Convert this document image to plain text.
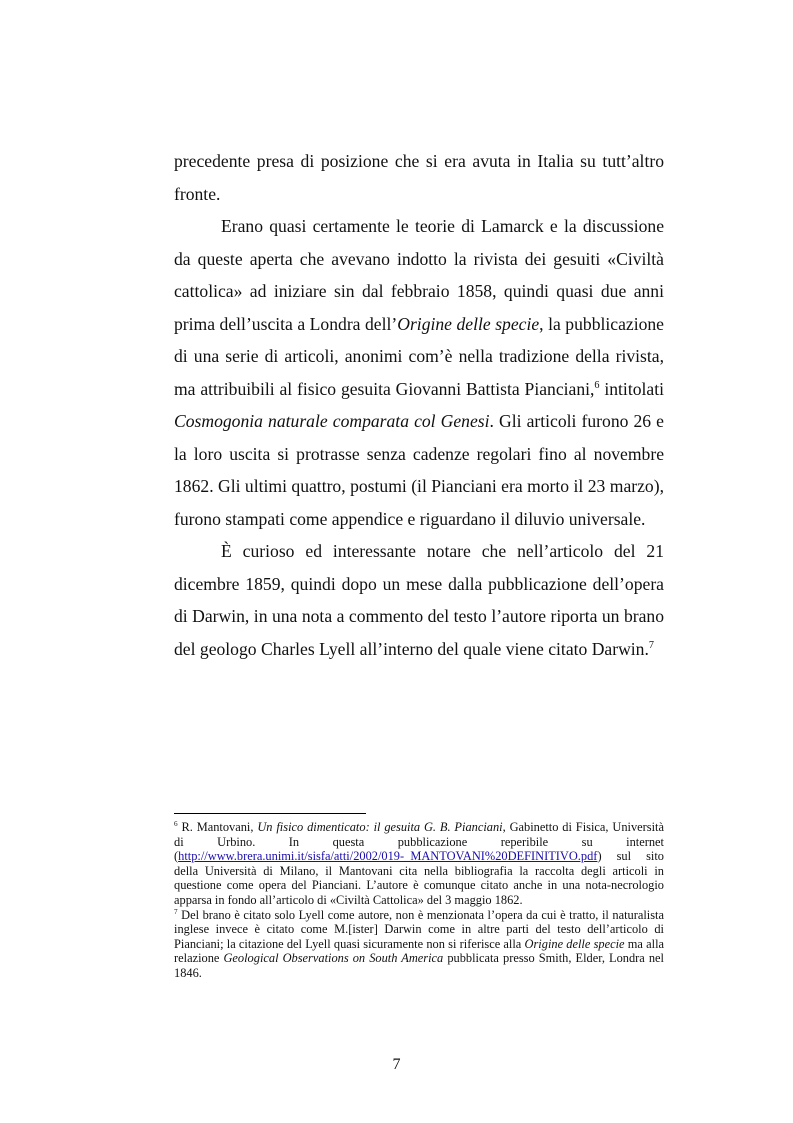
precedente presa di posizione che si era avuta in Italia su tutt’altro fronte.

Erano quasi certamente le teorie di Lamarck e la discussione da queste aperta che avevano indotto la rivista dei gesuiti «Civiltà cattolica» ad iniziare sin dal febbraio 1858, quindi quasi due anni prima dell’uscita a Londra dell’Origine delle specie, la pubblicazione di una serie di articoli, anonimi com’è nella tradizione della rivista, ma attribuibili al fisico gesuita Giovanni Battista Pianciani,$^6$ intitolati Cosmogonia naturale comparata col Genesi. Gli articoli furono 26 e la loro uscita si protrasse senza cadenze regolari fino al novembre 1862. Gli ultimi quattro, postumi (il Pianciani era morto il 23 marzo), furono stampati come appendice e riguardano il diluvio universale.

È curioso ed interessante notare che nell’articolo del 21 dicembre 1859, quindi dopo un mese dalla pubblicazione dell’opera di Darwin, in una nota a commento del testo l’autore riporta un brano del geologo Charles Lyell all’interno del quale viene citato Darwin.$^7$

$^6$ R. Mantovani, Un fisico dimenticato: il gesuita G. B. Pianciani, Gabinetto di Fisica, Università di Urbino. In questa pubblicazione reperibile su internet (http://www.brera.unimi.it/sisfa/atti/2002/019-_MANTOVANI%20DEFINITIVO.pdf) sul sito della Università di Milano, il Mantovani cita nella bibliografia la raccolta degli articoli in questione come opera del Pianciani. L’autore è comunque citato anche in una nota-necrologio apparsa in fondo all’articolo di «Civiltà Cattolica» del 3 maggio 1862.

$^7$ Del brano è citato solo Lyell come autore, non è menzionata l’opera da cui è tratto, il naturalista inglese invece è citato come M.[ister] Darwin come in altre parti del testo dell’articolo di Pianciani; la citazione del Lyell quasi sicuramente non si riferisce alla Origine delle specie ma alla relazione Geological Observations on South America pubblicata presso Smith, Elder, Londra nel 1846.

7
